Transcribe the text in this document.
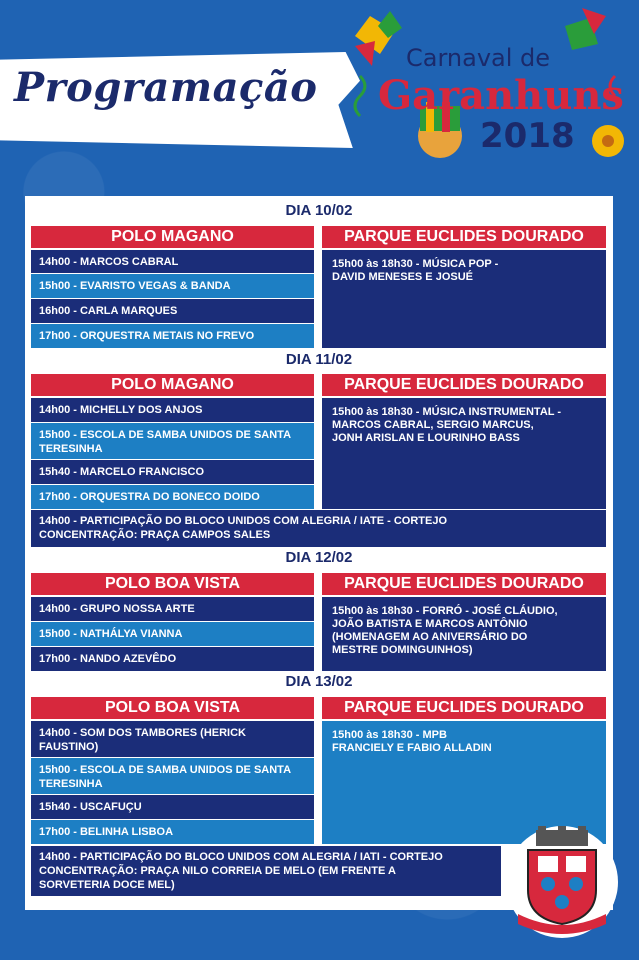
Programação
Carnaval de
Garanhuns
2018
DIA 10/02
POLO MAGANO	PARQUE EUCLIDES DOURADO
14h00 - MARCOS CABRAL
15h00 - EVARISTO VEGAS & BANDA
16h00 - CARLA MARQUES
17h00 - ORQUESTRA METAIS NO FREVO
15h00 às 18h30 - MÚSICA POP -
DAVID MENESES E JOSUÉ
DIA 11/02
POLO MAGANO	PARQUE EUCLIDES DOURADO
14h00 - MICHELLY DOS ANJOS
15h00 - ESCOLA DE SAMBA UNIDOS DE SANTA TERESINHA
15h40 - MARCELO FRANCISCO
17h00 - ORQUESTRA DO BONECO DOIDO
15h00 às 18h30 - MÚSICA INSTRUMENTAL -
MARCOS CABRAL, SERGIO MARCUS,
JONH ARISLAN E LOURINHO BASS
14h00 - PARTICIPAÇÃO DO BLOCO UNIDOS COM ALEGRIA / IATE - CORTEJO
CONCENTRAÇÃO: PRAÇA CAMPOS SALES
DIA 12/02
POLO BOA VISTA	PARQUE EUCLIDES DOURADO
14h00 - GRUPO NOSSA ARTE
15h00 - NATHÁLYA VIANNA
17h00 - NANDO AZEVÊDO
15h00 às 18h30 - FORRÓ - JOSÉ CLÁUDIO,
JOÃO BATISTA E MARCOS ANTÔNIO
(HOMENAGEM AO ANIVERSÁRIO DO
MESTRE DOMINGUINHOS)
DIA 13/02
POLO BOA VISTA	PARQUE EUCLIDES DOURADO
14h00 - SOM DOS TAMBORES (HERICK FAUSTINO)
15h00 - ESCOLA DE SAMBA UNIDOS DE SANTA TERESINHA
15h40 - USCAFUÇU
17h00 - BELINHA LISBOA
15h00 às 18h30 - MPB
FRANCIELY E FABIO ALLADIN
14h00 - PARTICIPAÇÃO DO BLOCO UNIDOS COM ALEGRIA / IATI - CORTEJO
CONCENTRAÇÃO: PRAÇA NILO CORREIA DE MELO (EM FRENTE A
SORVETERIA DOCE MEL)
